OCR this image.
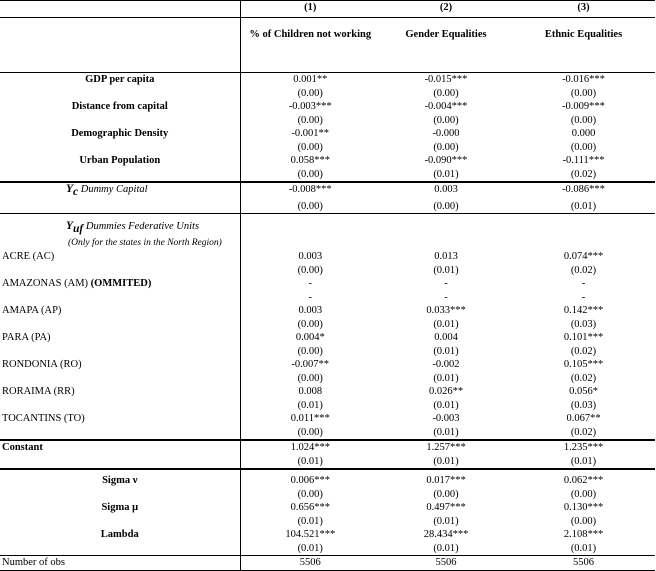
	(1)	(2)	(3)
	% of Children not working	Gender Equalities	Ethnic Equalities
GDP per capita	0.001**	-0.015***	-0.016***
	(0.00)	(0.00)	(0.00)
Distance from capital	-0.003***	-0.004***	-0.009***
	(0.00)	(0.00)	(0.00)
Demographic Density	-0.001**	-0.000	0.000
	(0.00)	(0.00)	(0.00)
Urban Population	0.058***	-0.090***	-0.111***
	(0.00)	(0.01)	(0.02)
$Y_c$ Dummy Capital	-0.008***	0.003	-0.086***
	(0.00)	(0.00)	(0.01)
$Y_{uf}$ Dummies Federative Units			
(Only for the states in the North Region)			
ACRE (AC)	0.003	0.013	0.074***
	(0.00)	(0.01)	(0.02)
AMAZONAS (AM) (OMMITED)	-	-	-
	-	-	-
AMAPA (AP)	0.003	0.033***	0.142***
	(0.00)	(0.01)	(0.03)
PARA (PA)	0.004*	0.004	0.101***
	(0.00)	(0.01)	(0.02)
RONDONIA (RO)	-0.007**	-0.002	0.105***
	(0.00)	(0.01)	(0.02)
RORAIMA (RR)	0.008	0.026**	0.056*
	(0.01)	(0.01)	(0.03)
TOCANTINS (TO)	0.011***	-0.003	0.067**
	(0.00)	(0.01)	(0.02)
Constant	1.024***	1.257***	1.235***
	(0.01)	(0.01)	(0.01)
Sigma ν	0.006***	0.017***	0.062***
	(0.00)	(0.00)	(0.00)
Sigma μ	0.656***	0.497***	0.130***
	(0.01)	(0.01)	(0.00)
Lambda	104.521***	28.434***	2.108***
	(0.01)	(0.01)	(0.01)
Number of obs	5506	5506	5506
